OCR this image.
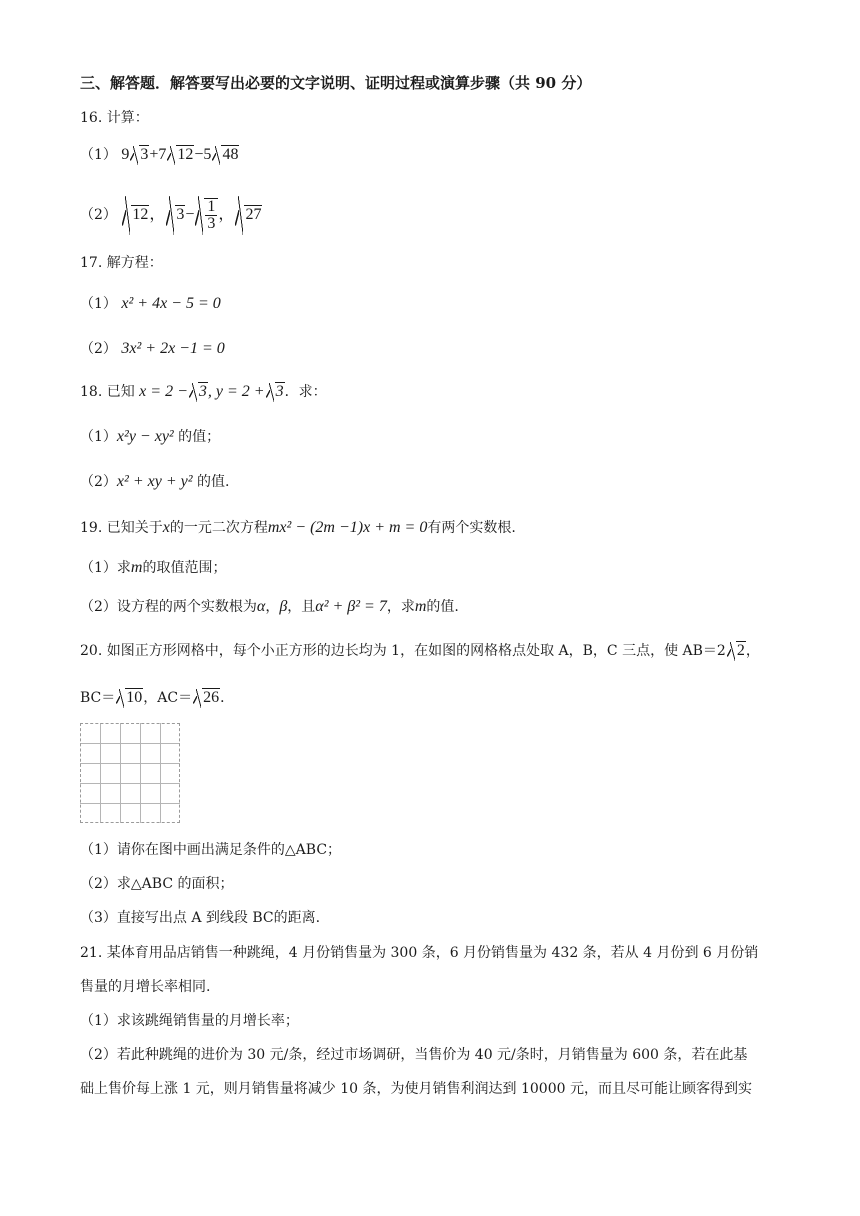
三、解答题．解答要写出必要的文字说明、证明过程或演算步骤（共 90 分）
16. 计算：
（1） 9 3+7 12−5 48
（2） 12， $3- \frac{1}{3}$ ， 27
17. 解方程：
（1） x² + 4x − 5 = 0
（2） 3x² + 2x −1 = 0
18. 已知 x = 2 − 3, y = 2 + 3．求：
（1）x²y − xy² 的值；
（2）x² + xy + y² 的值.
19. 已知关于x的一元二次方程mx² − (2m −1)x + m = 0有两个实数根.
（1）求m的取值范围；
（2）设方程的两个实数根为α，β，且α² + β² = 7，求m的值.
20. 如图正方形网格中，每个小正方形的边长均为 1，在如图的网格格点处取 A，B，C 三点，使 AB＝2 2，
BC＝ 10，AC＝ 26．
（1）请你在图中画出满足条件的△ABC；
（2）求△ABC 的面积；
（3）直接写出点 A 到线段 BC的距离.
21. 某体育用品店销售一种跳绳，4 月份销售量为 300 条，6 月份销售量为 432 条，若从 4 月份到 6 月份销
售量的月增长率相同.
（1）求该跳绳销售量的月增长率；
（2）若此种跳绳的进价为 30 元/条，经过市场调研，当售价为 40 元/条时，月销售量为 600 条，若在此基
础上售价每上涨 1 元，则月销售量将减少 10 条，为使月销售利润达到 10000 元，而且尽可能让顾客得到实
